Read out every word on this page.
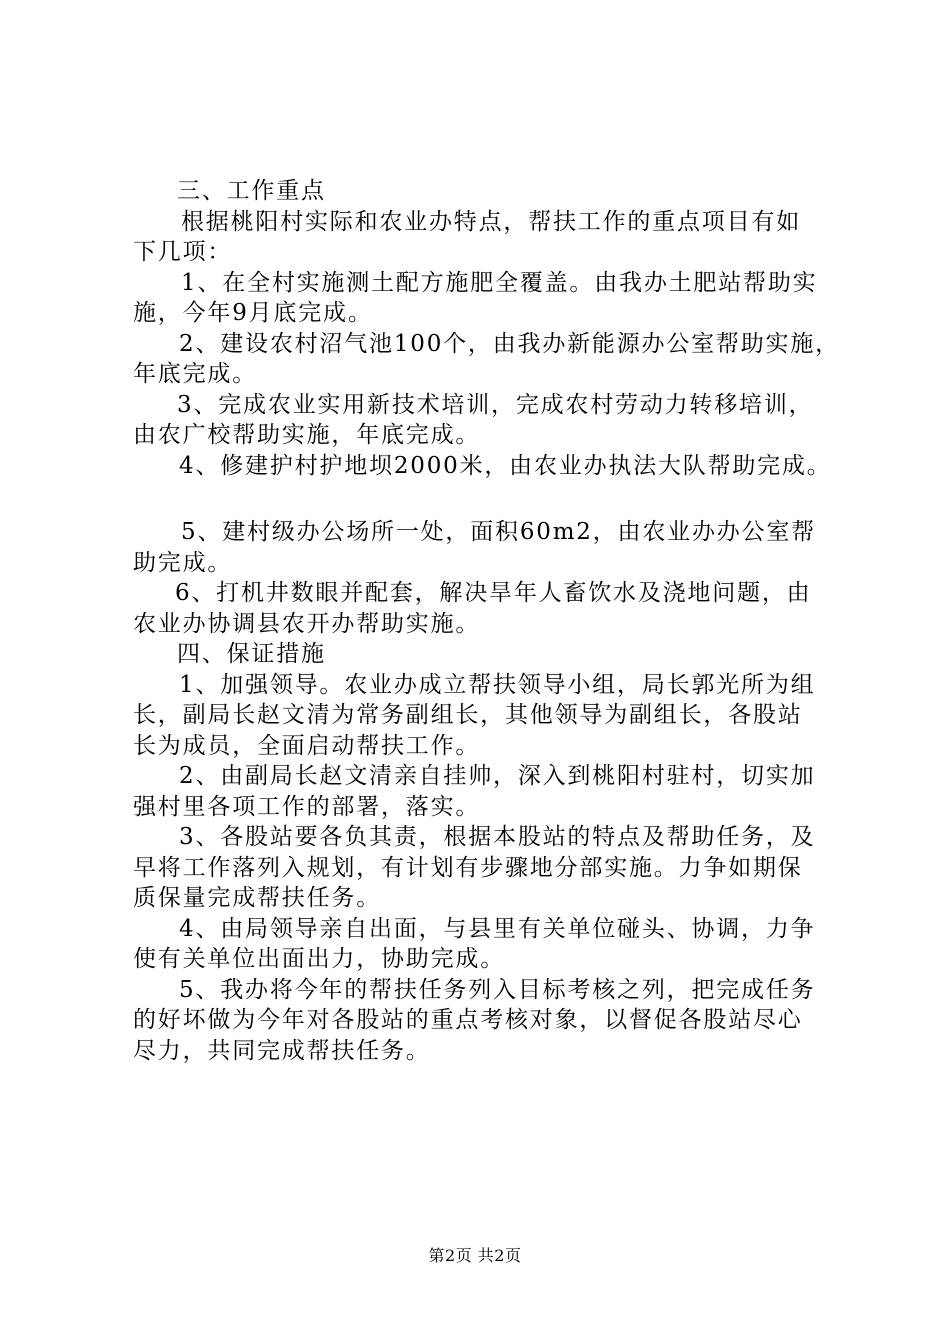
三、工作重点
根据桃阳村实际和农业办特点，帮扶工作的重点项目有如
下几项：
1、在全村实施测土配方施肥全覆盖。由我办土肥站帮助实
施，今年9月底完成。
2、建设农村沼气池100个，由我办新能源办公室帮助实施，
年底完成。
3、完成农业实用新技术培训，完成农村劳动力转移培训，
由农广校帮助实施，年底完成。
4、修建护村护地坝2000米，由农业办执法大队帮助完成。
5、建村级办公场所一处，面积60m2，由农业办办公室帮
助完成。
6、打机井数眼并配套，解决旱年人畜饮水及浇地问题，由
农业办协调县农开办帮助实施。
四、保证措施
1、加强领导。农业办成立帮扶领导小组，局长郭光所为组
长，副局长赵文清为常务副组长，其他领导为副组长，各股站
长为成员，全面启动帮扶工作。
2、由副局长赵文清亲自挂帅，深入到桃阳村驻村，切实加
强村里各项工作的部署，落实。
3、各股站要各负其责，根据本股站的特点及帮助任务，及
早将工作落列入规划，有计划有步骤地分部实施。力争如期保
质保量完成帮扶任务。
4、由局领导亲自出面，与县里有关单位碰头、协调，力争
使有关单位出面出力，协助完成。
5、我办将今年的帮扶任务列入目标考核之列，把完成任务
的好坏做为今年对各股站的重点考核对象，以督促各股站尽心
尽力，共同完成帮扶任务。
第2页 共2页
